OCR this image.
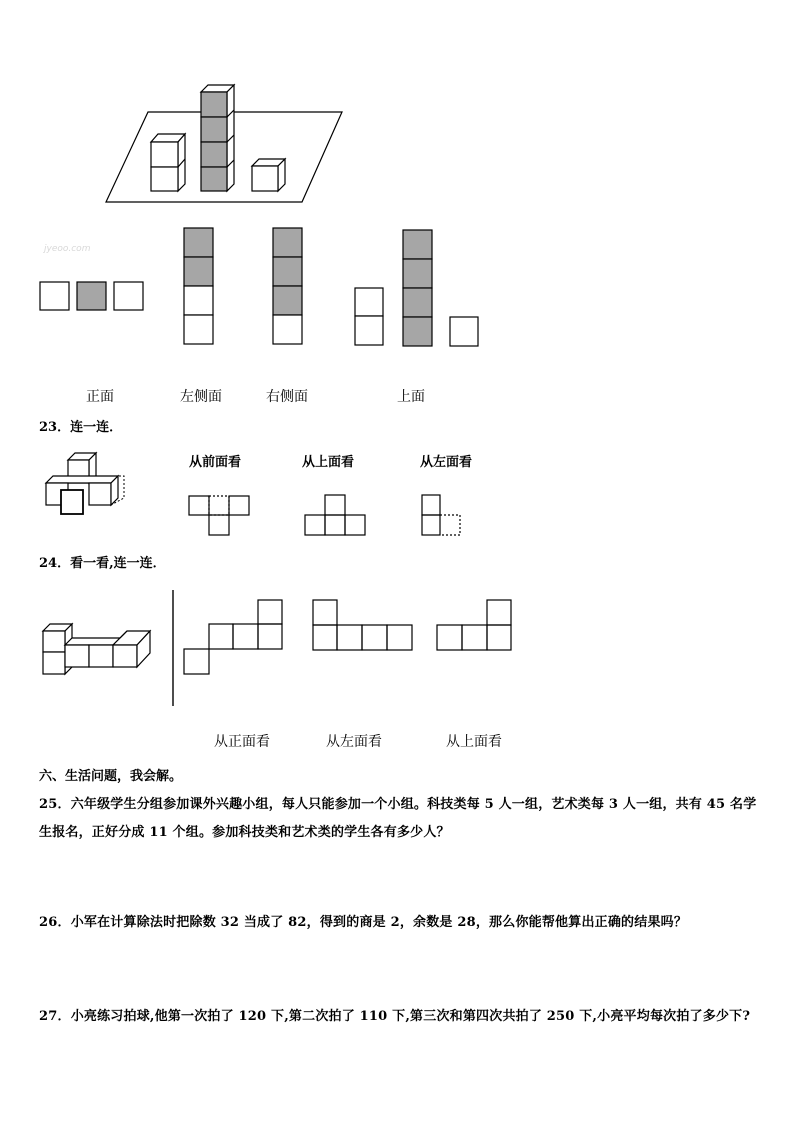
jyeoo.com
正面	左侧面	右侧面	上面
23．连一连．
从前面看	从上面看	从左面看
24．看一看,连一连．
从正面看	从左面看	从上面看
六、生活问题，我会解。
25．六年级学生分组参加课外兴趣小组，每人只能参加一个小组。科技类每 5 人一组，艺术类每 3 人一组，共有 45 名学生报名，正好分成 11 个组。参加科技类和艺术类的学生各有多少人？
26．小军在计算除法时把除数 32 当成了 82，得到的商是 2，余数是 28，那么你能帮他算出正确的结果吗？
27．小亮练习拍球,他第一次拍了 120 下,第二次拍了 110 下,第三次和第四次共拍了 250 下,小亮平均每次拍了多少下?
